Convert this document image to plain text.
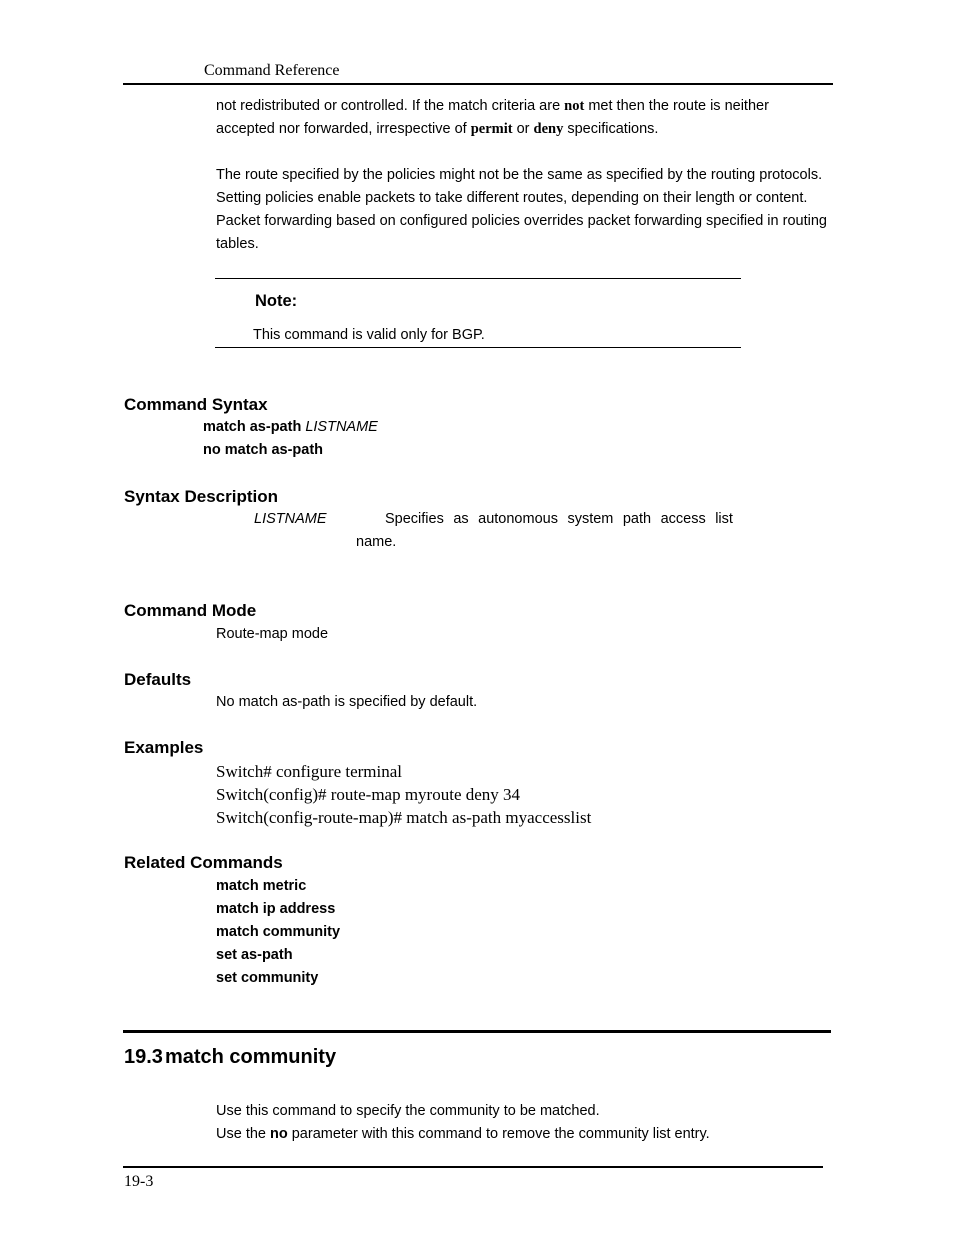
Command Reference
not redistributed or controlled. If the match criteria are not met then the route is neither
accepted nor forwarded, irrespective of permit or deny specifications.
The route specified by the policies might not be the same as specified by the routing protocols.
Setting policies enable packets to take different routes, depending on their length or content.
Packet forwarding based on configured policies overrides packet forwarding specified in routing
tables.
Note:
This command is valid only for BGP.
Command Syntax
match as-path LISTNAME
no match as-path
Syntax Description
LISTNAME	Specifies as autonomous system path access list
name.
Command Mode
Route-map mode
Defaults
No match as-path is specified by default.
Examples
Switch# configure terminal
Switch(config)# route-map myroute deny 34
Switch(config-route-map)# match as-path myaccesslist
Related Commands
match metric
match ip address
match community
set as-path
set community
19.3 match community
Use this command to specify the community to be matched.
Use the no parameter with this command to remove the community list entry.
19-3
